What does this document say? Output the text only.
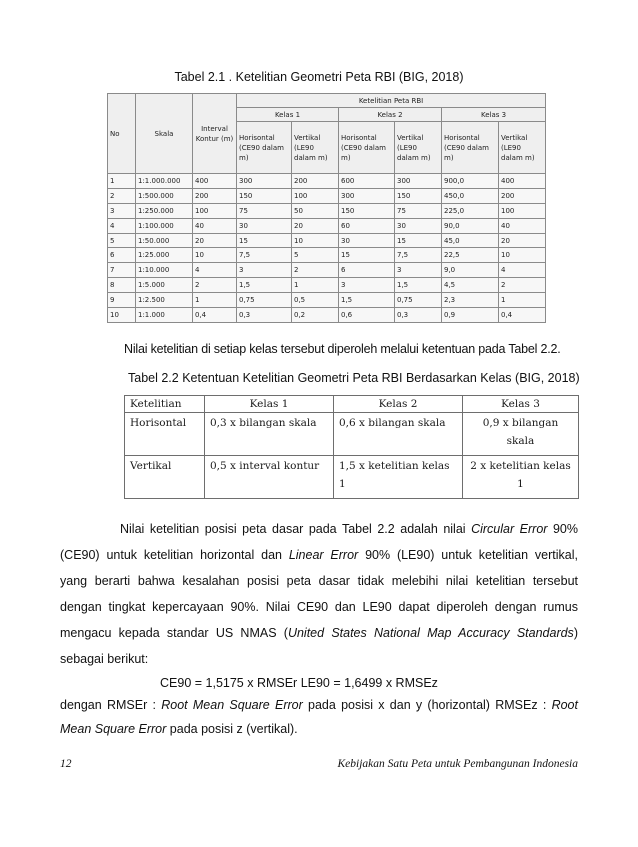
Tabel 2.1 . Ketelitian Geometri Peta RBI (BIG, 2018)
No	Skala	Interval Kontur (m)	Ketelitian Peta RBI					
			Kelas 1		Kelas 2		Kelas 3	
			Horisontal (CE90 dalam m)	Vertikal (LE90 dalam m)	Horisontal (CE90 dalam m)	Vertikal (LE90 dalam m)	Horisontal (CE90 dalam m)	Vertikal (LE90 dalam m)
1	1:1.000.000	400	300	200	600	300	900,0	400
2	1:500.000	200	150	100	300	150	450,0	200
3	1:250.000	100	75	50	150	75	225,0	100
4	1:100.000	40	30	20	60	30	90,0	40
5	1:50.000	20	15	10	30	15	45,0	20
6	1:25.000	10	7,5	5	15	7,5	22,5	10
7	1:10.000	4	3	2	6	3	9,0	4
8	1:5.000	2	1,5	1	3	1,5	4,5	2
9	1:2.500	1	0,75	0,5	1,5	0,75	2,3	1
10	1:1.000	0,4	0,3	0,2	0,6	0,3	0,9	0,4
Nilai ketelitian di setiap kelas tersebut diperoleh melalui ketentuan pada Tabel 2.2.
Tabel 2.2 Ketentuan Ketelitian Geometri Peta RBI Berdasarkan Kelas (BIG, 2018)
Ketelitian	Kelas 1	Kelas 2	Kelas 3
Horisontal	0,3 x bilangan skala	0,6 x bilangan skala	0,9 x bilangan skala
Vertikal	0,5 x interval kontur	1,5 x ketelitian kelas 1	2 x ketelitian kelas 1
Nilai ketelitian posisi peta dasar pada Tabel 2.2 adalah nilai Circular Error 90%
(CE90) untuk ketelitian horizontal dan Linear Error 90% (LE90) untuk ketelitian vertikal,
yang berarti bahwa kesalahan posisi peta dasar tidak melebihi nilai ketelitian tersebut
dengan tingkat kepercayaan 90%. Nilai CE90 dan LE90 dapat diperoleh dengan rumus
mengacu kepada standar US NMAS (United States National Map Accuracy Standards)
sebagai berikut:
CE90 = 1,5175 x RMSEr LE90 = 1,6499 x RMSEz
dengan RMSEr : Root Mean Square Error pada posisi x dan y (horizontal) RMSEz : Root
Mean Square Error pada posisi z (vertikal).
12	Kebijakan Satu Peta untuk Pembangunan Indonesia
